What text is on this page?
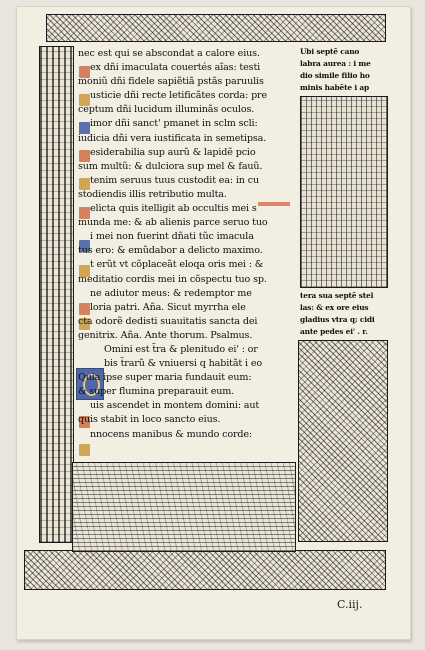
nec est qui se abscondat a calore eius.
ex dñi imaculata couertés aĩas: testi
moniũ dñi fidele sapiẽtiã pstãs paruulis
usticie dñi recte letificãtes corda: pre
ceptum dñi lucidum illuminãs oculos.
imor dñi sanct' pmanet in sclm scli:
iudicia dñi vera iustificata in semetipsa.
esiderabilia sup aurũ & lapidẽ pcio
sum multũ: & dulciora sup mel & fauũ.
tenim seruus tuus custodit ea: in cu
stodiendis illis retributio multa.
elicta quis itelligit ab occultis mei s
munda me: & ab alienis parce seruo tuo
i mei non fuerint dñati tũc imacula
tus ero: & emũdabor a delicto maximo.
t erũt vt cõplaceãt eloqa oris mei : &
meditatio cordis mei in cõspectu tuo sp.
ne adiutor meus: & redemptor me
loria patri. Aña. Sicut myrrha ele
cta odorẽ dedisti suauitatis sancta dei
genitrix. Aña. Ante thorum. Psalmus.
Omini est t̃ra & plenitudo ei' : or
bis t̃rarũ & vniuersi q habitãt i eo
Quia ipse super maria fundauit eum:
& super flumina preparauit eum.
uis ascendet in montem domini: aut
quis stabit in loco sancto eius.
nnocens manibus & mundo corde:
Ubi septẽ cano
labra aurea : i me
dio simile filio ho
minis habẽte i ap
tera sua septẽ stel
las: & ex ore eius
gladius vtra q; cidi
ante pedes ei' . r.
C.iij.
